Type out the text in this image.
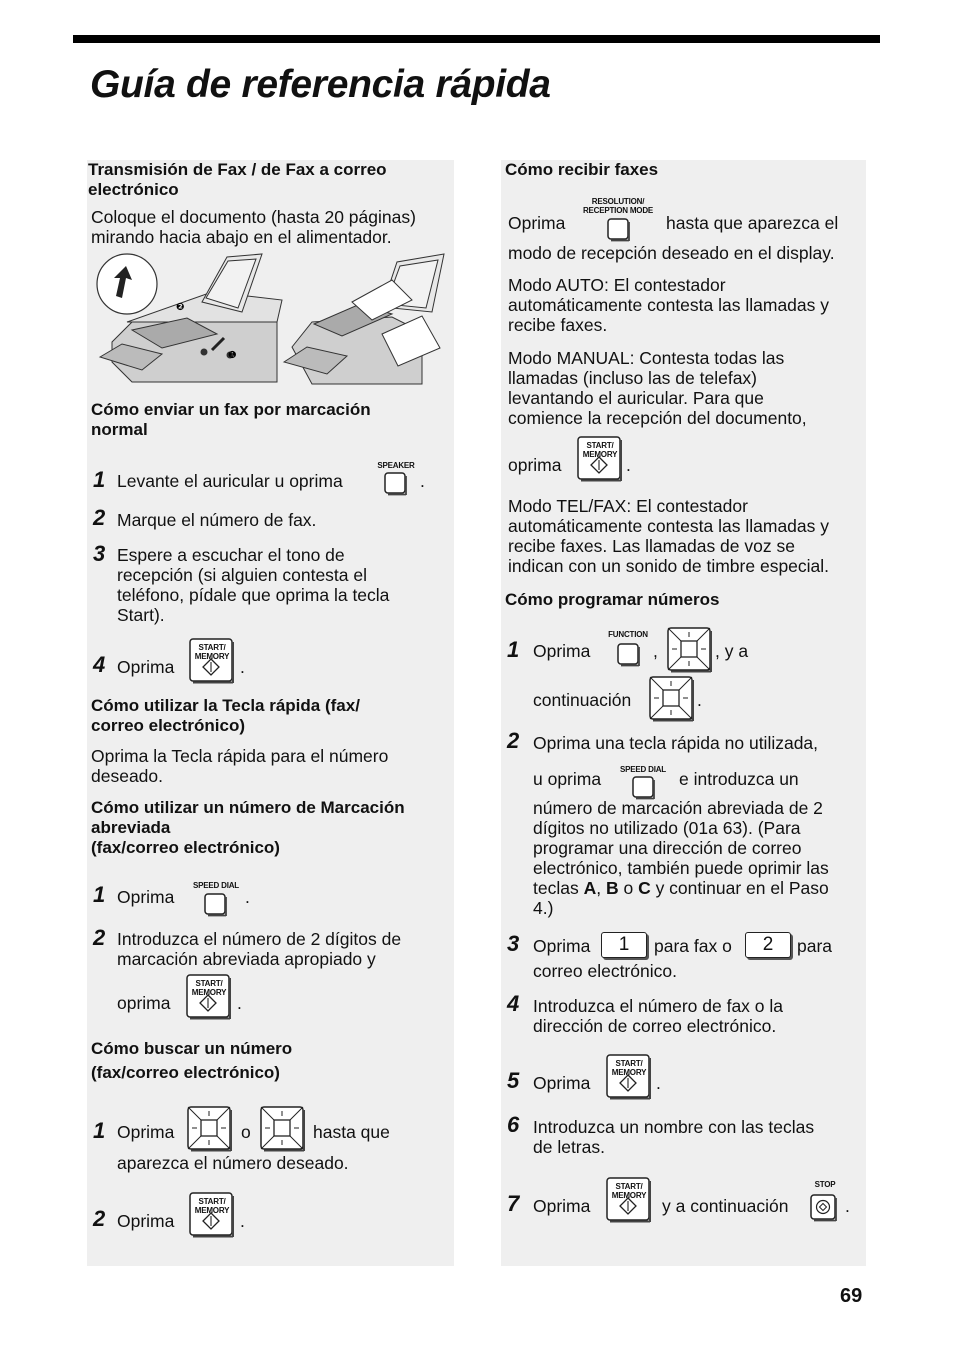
Guía de referencia rápida

Transmisión de Fax / de Fax a correo
electrónico

Coloque el documento (hasta 20 páginas)
mirando hacia abajo en el alimentador.

❷
❶

Cómo enviar un fax por marcación
normal

1 Levante el auricular u oprima
SPEAKER
.
2 Marque el número de fax.
3 Espere a escuchar el tono de
recepción (si alguien contesta el
teléfono, pídale que oprima la tecla
Start).

4 Oprima
START/
MEMORY
.

Cómo utilizar la Tecla rápida (fax/
correo electrónico)

Oprima la Tecla rápida para el número
deseado.

Cómo utilizar un número de Marcación
abreviada
(fax/correo electrónico)

1 Oprima
SPEED DIAL
.
2 Introduzca el número de 2 dígitos de
marcación abreviada apropiado y

oprima
START/
MEMORY
.

Cómo buscar un número
(fax/correo electrónico)

1 Oprima	o	hasta que
aparezca el número deseado.
2 Oprima
START/
MEMORY
.

Cómo recibir faxes

Oprima
RESOLUTION/
RECEPTION MODE
hasta que aparezca el
modo de recepción deseado en el display.

Modo AUTO: El contestador
automáticamente contesta las llamadas y
recibe faxes.

Modo MANUAL: Contesta todas las
llamadas (incluso las de telefax)
levantando el auricular. Para que
comience la recepción del documento,

oprima
START/
MEMORY
.

Modo TEL/FAX: El contestador
automáticamente contesta las llamadas y
recibe faxes. Las llamadas de voz se
indican con un sonido de timbre especial.

Cómo programar números

1 Oprima
FUNCTION
,	, y a
continuación	.
2 Oprima una tecla rápida no utilizada,
u oprima	SPEED DIAL e introduzca un

número de marcación abreviada de 2
dígitos no utilizado (01a 63). (Para
programar una dirección de correo
electrónico, también puede oprimir las
teclas A, B o C y continuar en el Paso
4.)

3 Oprima	1	para fax o	2	para
correo electrónico.
4 Introduzca el número de fax o la
dirección de correo electrónico.

5 Oprima
START/
MEMORY
.
6 Introduzca un nombre con las teclas
de letras.

7 Oprima
START/
MEMORY
y a continuación
STOP
.
69
